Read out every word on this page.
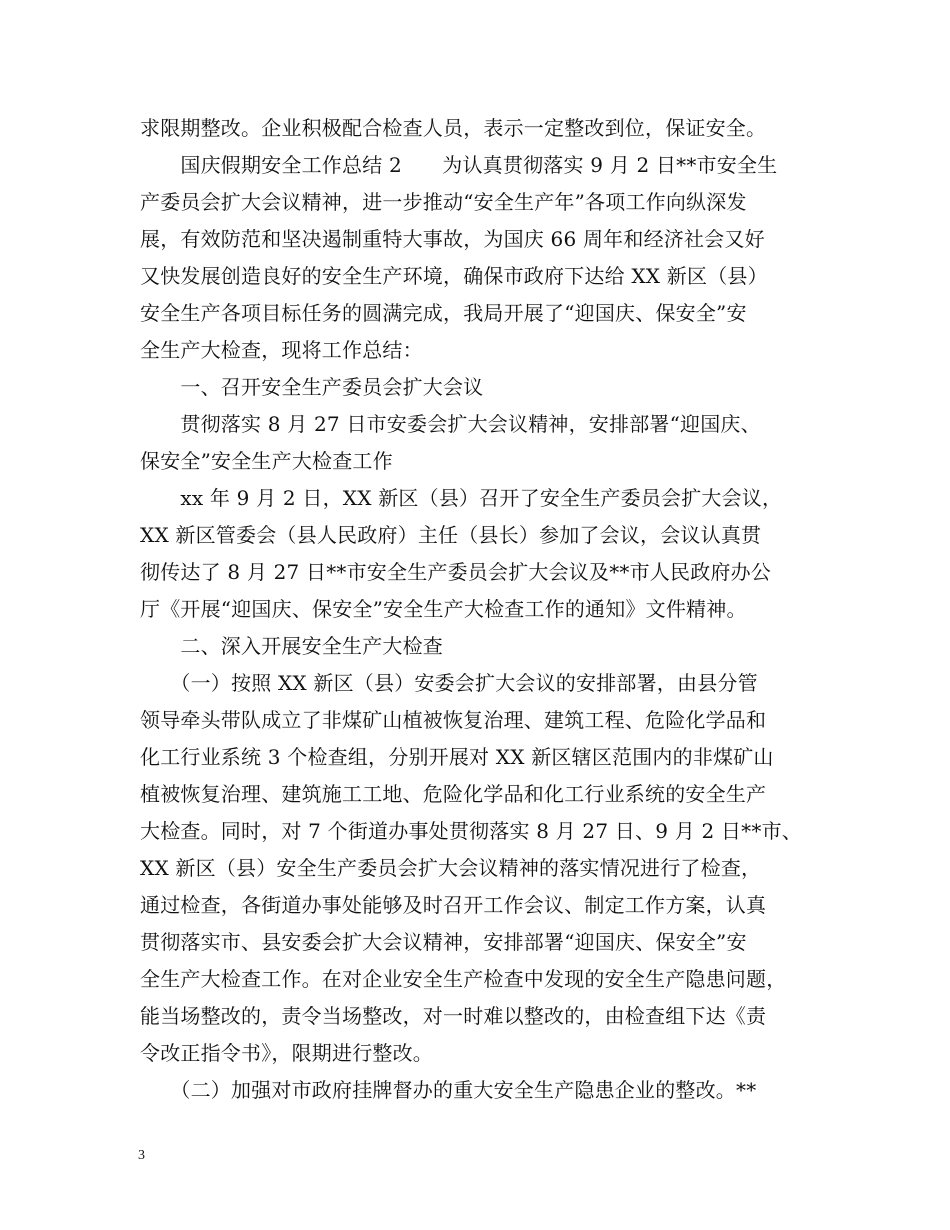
求限期整改。企业积极配合检查人员，表示一定整改到位，保证安全。
　　国庆假期安全工作总结 2　　为认真贯彻落实 9 月 2 日**市安全生
产委员会扩大会议精神，进一步推动“安全生产年”各项工作向纵深发
展，有效防范和坚决遏制重特大事故，为国庆 66 周年和经济社会又好
又快发展创造良好的安全生产环境，确保市政府下达给 XX 新区（县）
安全生产各项目标任务的圆满完成，我局开展了“迎国庆、保安全”安
全生产大检查，现将工作总结：
　　一、召开安全生产委员会扩大会议
　　贯彻落实 8 月 27 日市安委会扩大会议精神，安排部署“迎国庆、
保安全”安全生产大检查工作
　　xx 年 9 月 2 日，XX 新区（县）召开了安全生产委员会扩大会议，
XX 新区管委会（县人民政府）主任（县长）参加了会议，会议认真贯
彻传达了 8 月 27 日**市安全生产委员会扩大会议及**市人民政府办公
厅《开展“迎国庆、保安全”安全生产大检查工作的通知》文件精神。
　　二、深入开展安全生产大检查
　　（一）按照 XX 新区（县）安委会扩大会议的安排部署，由县分管
领导牵头带队成立了非煤矿山植被恢复治理、建筑工程、危险化学品和
化工行业系统 3 个检查组，分别开展对 XX 新区辖区范围内的非煤矿山
植被恢复治理、建筑施工工地、危险化学品和化工行业系统的安全生产
大检查。同时，对 7 个街道办事处贯彻落实 8 月 27 日、9 月 2 日**市、
XX 新区（县）安全生产委员会扩大会议精神的落实情况进行了检查，
通过检查，各街道办事处能够及时召开工作会议、制定工作方案，认真
贯彻落实市、县安委会扩大会议精神，安排部署“迎国庆、保安全”安
全生产大检查工作。在对企业安全生产检查中发现的安全生产隐患问题，
能当场整改的，责令当场整改，对一时难以整改的，由检查组下达《责
令改正指令书》，限期进行整改。
　　（二）加强对市政府挂牌督办的重大安全生产隐患企业的整改。**
3
